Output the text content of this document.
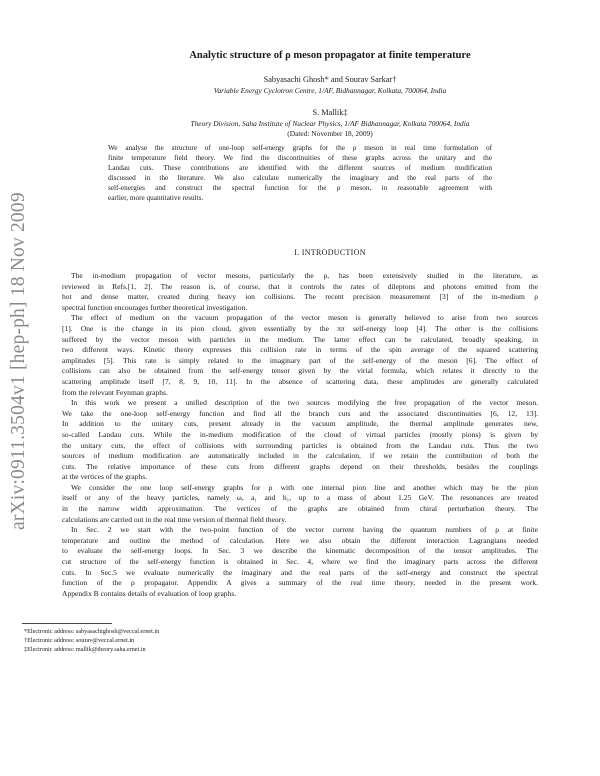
arXiv:0911.3504v1 [hep-ph] 18 Nov 2009
Analytic structure of ρ meson propagator at finite temperature
Sabyasachi Ghosh* and Sourav Sarkar†
Variable Energy Cyclotron Centre, 1/AF, Bidhannagar, Kolkata, 700064, India
S. Mallik‡
Theory Division, Saha Institute of Nuclear Physics, 1/AF Bidhannagar, Kolkata 700064, India
(Dated: November 18, 2009)
We analyse the structure of one-loop self-energy graphs for the ρ meson in real time formulation of
finite temperature field theory. We find the discontinuities of these graphs across the unitary and the
Landau cuts. These contributions are identified with the different sources of medium modification
discussed in the literature. We also calculate numerically the imaginary and the real parts of the
self-energies and construct the spectral function for the ρ meson, in reasonable agreement with
earlier, more quantitative results.
I. INTRODUCTION
The in-medium propagation of vector mesons, particularly the ρ, has been extensively studied in the literature, as
reviewed in Refs.[1, 2]. The reason is, of course, that it controls the rates of dileptons and photons emitted from the
hot and dense matter, created during heavy ion collisions. The recent precision measurement [3] of the in-medium ρ
spectral function encourages further theoretical investigation.
The effect of medium on the vacuum propagation of the vector meson is generally believed to arise from two sources
[1]. One is the change in its pion cloud, given essentially by the ππ self-energy loop [4]. The other is the collisions
suffered by the vector meson with particles in the medium. The latter effect can be calculated, broadly speaking, in
two different ways. Kinetic theory expresses this collision rate in terms of the spin average of the squared scattering
amplitudes [5]. This rate is simply related to the imaginary part of the self-energy of the meson [6]. The effect of
collisions can also be obtained from the self-energy tensor given by the virial formula, which relates it directly to the
scattering amplitude itself [7, 8, 9, 10, 11]. In the absence of scattering data, these amplitudes are generally calculated
from the relevant Feynman graphs.
In this work we present a unified description of the two sources modifying the free propagation of the vector meson.
We take the one-loop self-energy function and find all the branch cuts and the associated discontinuities [6, 12, 13].
In addition to the unitary cuts, present already in the vacuum amplitude, the thermal amplitude generates new,
so-called Landau cuts. While the in-medium modification of the cloud of virtual particles (mostly pions) is given by
the unitary cuts, the effect of collisions with surrounding particles is obtained from the Landau cuts. Thus the two
sources of medium modification are automatically included in the calculation, if we retain the contribution of both the
cuts. The relative importance of these cuts from different graphs depend on their thresholds, besides the couplings
at the vertices of the graphs.
We consider the one loop self-energy graphs for ρ with one internal pion line and another which may be the pion
itself or any of the heavy particles, namely ω, a₁ and h₁, up to a mass of about 1.25 GeV. The resonances are treated
in the narrow width approximation. The vertices of the graphs are obtained from chiral perturbation theory. The
calculations are carried out in the real time version of thermal field theory.
In Sec. 2 we start with the two-point function of the vector current having the quantum numbers of ρ at finite
temperature and outline the method of calculation. Here we also obtain the different interaction Lagrangians needed
to evaluate the self-energy loops. In Sec. 3 we describe the kinematic decomposition of the tensor amplitudes. The
cut structure of the self-energy function is obtained in Sec. 4, where we find the imaginary parts across the different
cuts. In Sec.5 we evaluate numerically the imaginary and the real parts of the self-energy and construct the spectral
function of the ρ propagator. Appendix A gives a summary of the real time theory, needed in the present work.
Appendix B contains details of evaluation of loop graphs.
*Electronic address: sabyasachighosh@veccal.ernet.in
†Electronic address: sourav@veccal.ernet.in
‡Electronic address: mallik@theory.saha.ernet.in
